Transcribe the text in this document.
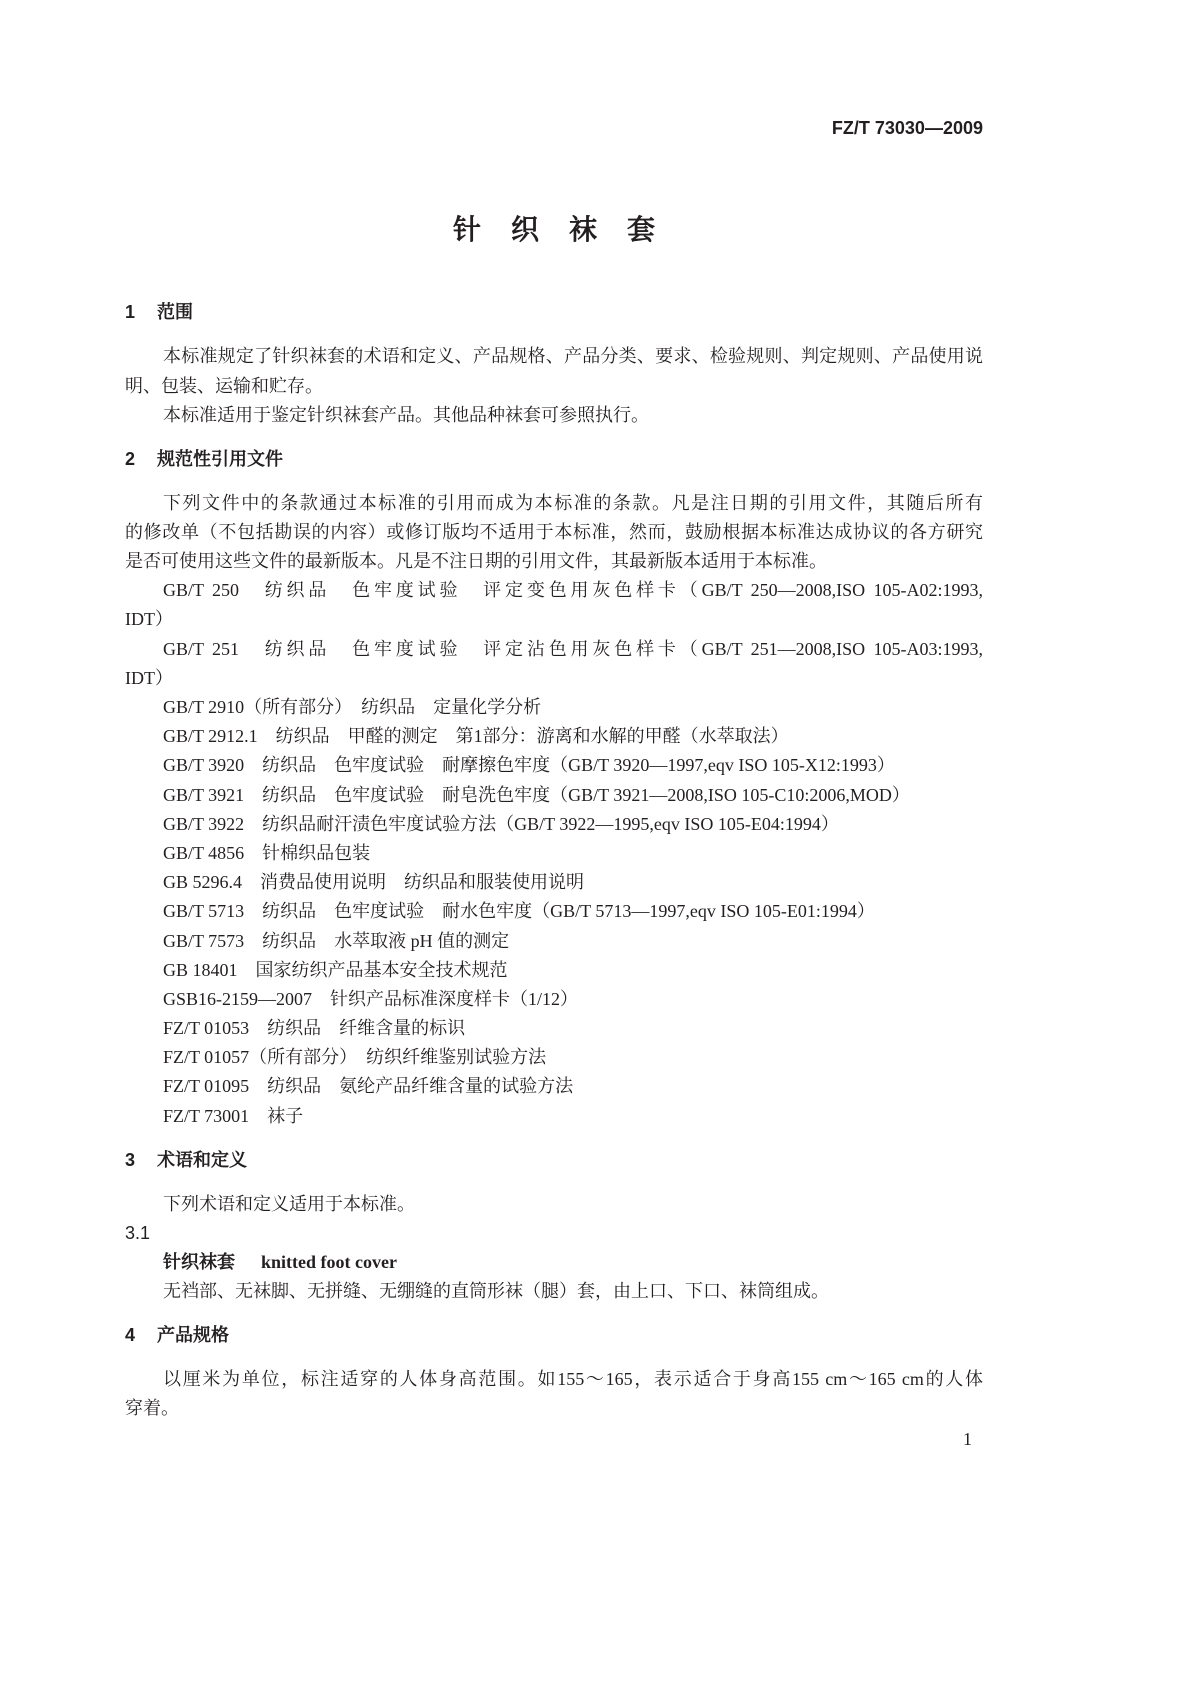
FZ/T 73030—2009
针织袜套
1 范围
本标准规定了针织袜套的术语和定义、产品规格、产品分类、要求、检验规则、判定规则、产品使用说
明、包装、运输和贮存。
本标准适用于鉴定针织袜套产品。其他品种袜套可参照执行。
2 规范性引用文件
下列文件中的条款通过本标准的引用而成为本标准的条款。凡是注日期的引用文件，其随后所有
的修改单（不包括勘误的内容）或修订版均不适用于本标准，然而，鼓励根据本标准达成协议的各方研究
是否可使用这些文件的最新版本。凡是不注日期的引用文件，其最新版本适用于本标准。
GB/T 250　纺织品　色牢度试验　评定变色用灰色样卡（GB/T 250—2008,ISO 105-A02:1993,
IDT）
GB/T 251　纺织品　色牢度试验　评定沾色用灰色样卡（GB/T 251—2008,ISO 105-A03:1993,
IDT）
GB/T 2910（所有部分）　纺织品　定量化学分析
GB/T 2912.1　纺织品　甲醛的测定　第1部分：游离和水解的甲醛（水萃取法）
GB/T 3920　纺织品　色牢度试验　耐摩擦色牢度（GB/T 3920—1997,eqv ISO 105-X12:1993）
GB/T 3921　纺织品　色牢度试验　耐皂洗色牢度（GB/T 3921—2008,ISO 105-C10:2006,MOD）
GB/T 3922　纺织品耐汗渍色牢度试验方法（GB/T 3922—1995,eqv ISO 105-E04:1994）
GB/T 4856　针棉织品包装
GB 5296.4　消费品使用说明　纺织品和服装使用说明
GB/T 5713　纺织品　色牢度试验　耐水色牢度（GB/T 5713—1997,eqv ISO 105-E01:1994）
GB/T 7573　纺织品　水萃取液 pH 值的测定
GB 18401　国家纺织产品基本安全技术规范
GSB16-2159—2007　针织产品标准深度样卡（1/12）
FZ/T 01053　纺织品　纤维含量的标识
FZ/T 01057（所有部分）　纺织纤维鉴别试验方法
FZ/T 01095　纺织品　氨纶产品纤维含量的试验方法
FZ/T 73001　袜子
3 术语和定义
下列术语和定义适用于本标准。
3.1
针织袜套 knitted foot cover
无裆部、无袜脚、无拼缝、无绷缝的直筒形袜（腿）套，由上口、下口、袜筒组成。
4 产品规格
以厘米为单位，标注适穿的人体身高范围。如155～165，表示适合于身高155 cm～165 cm的人体
穿着。
1
